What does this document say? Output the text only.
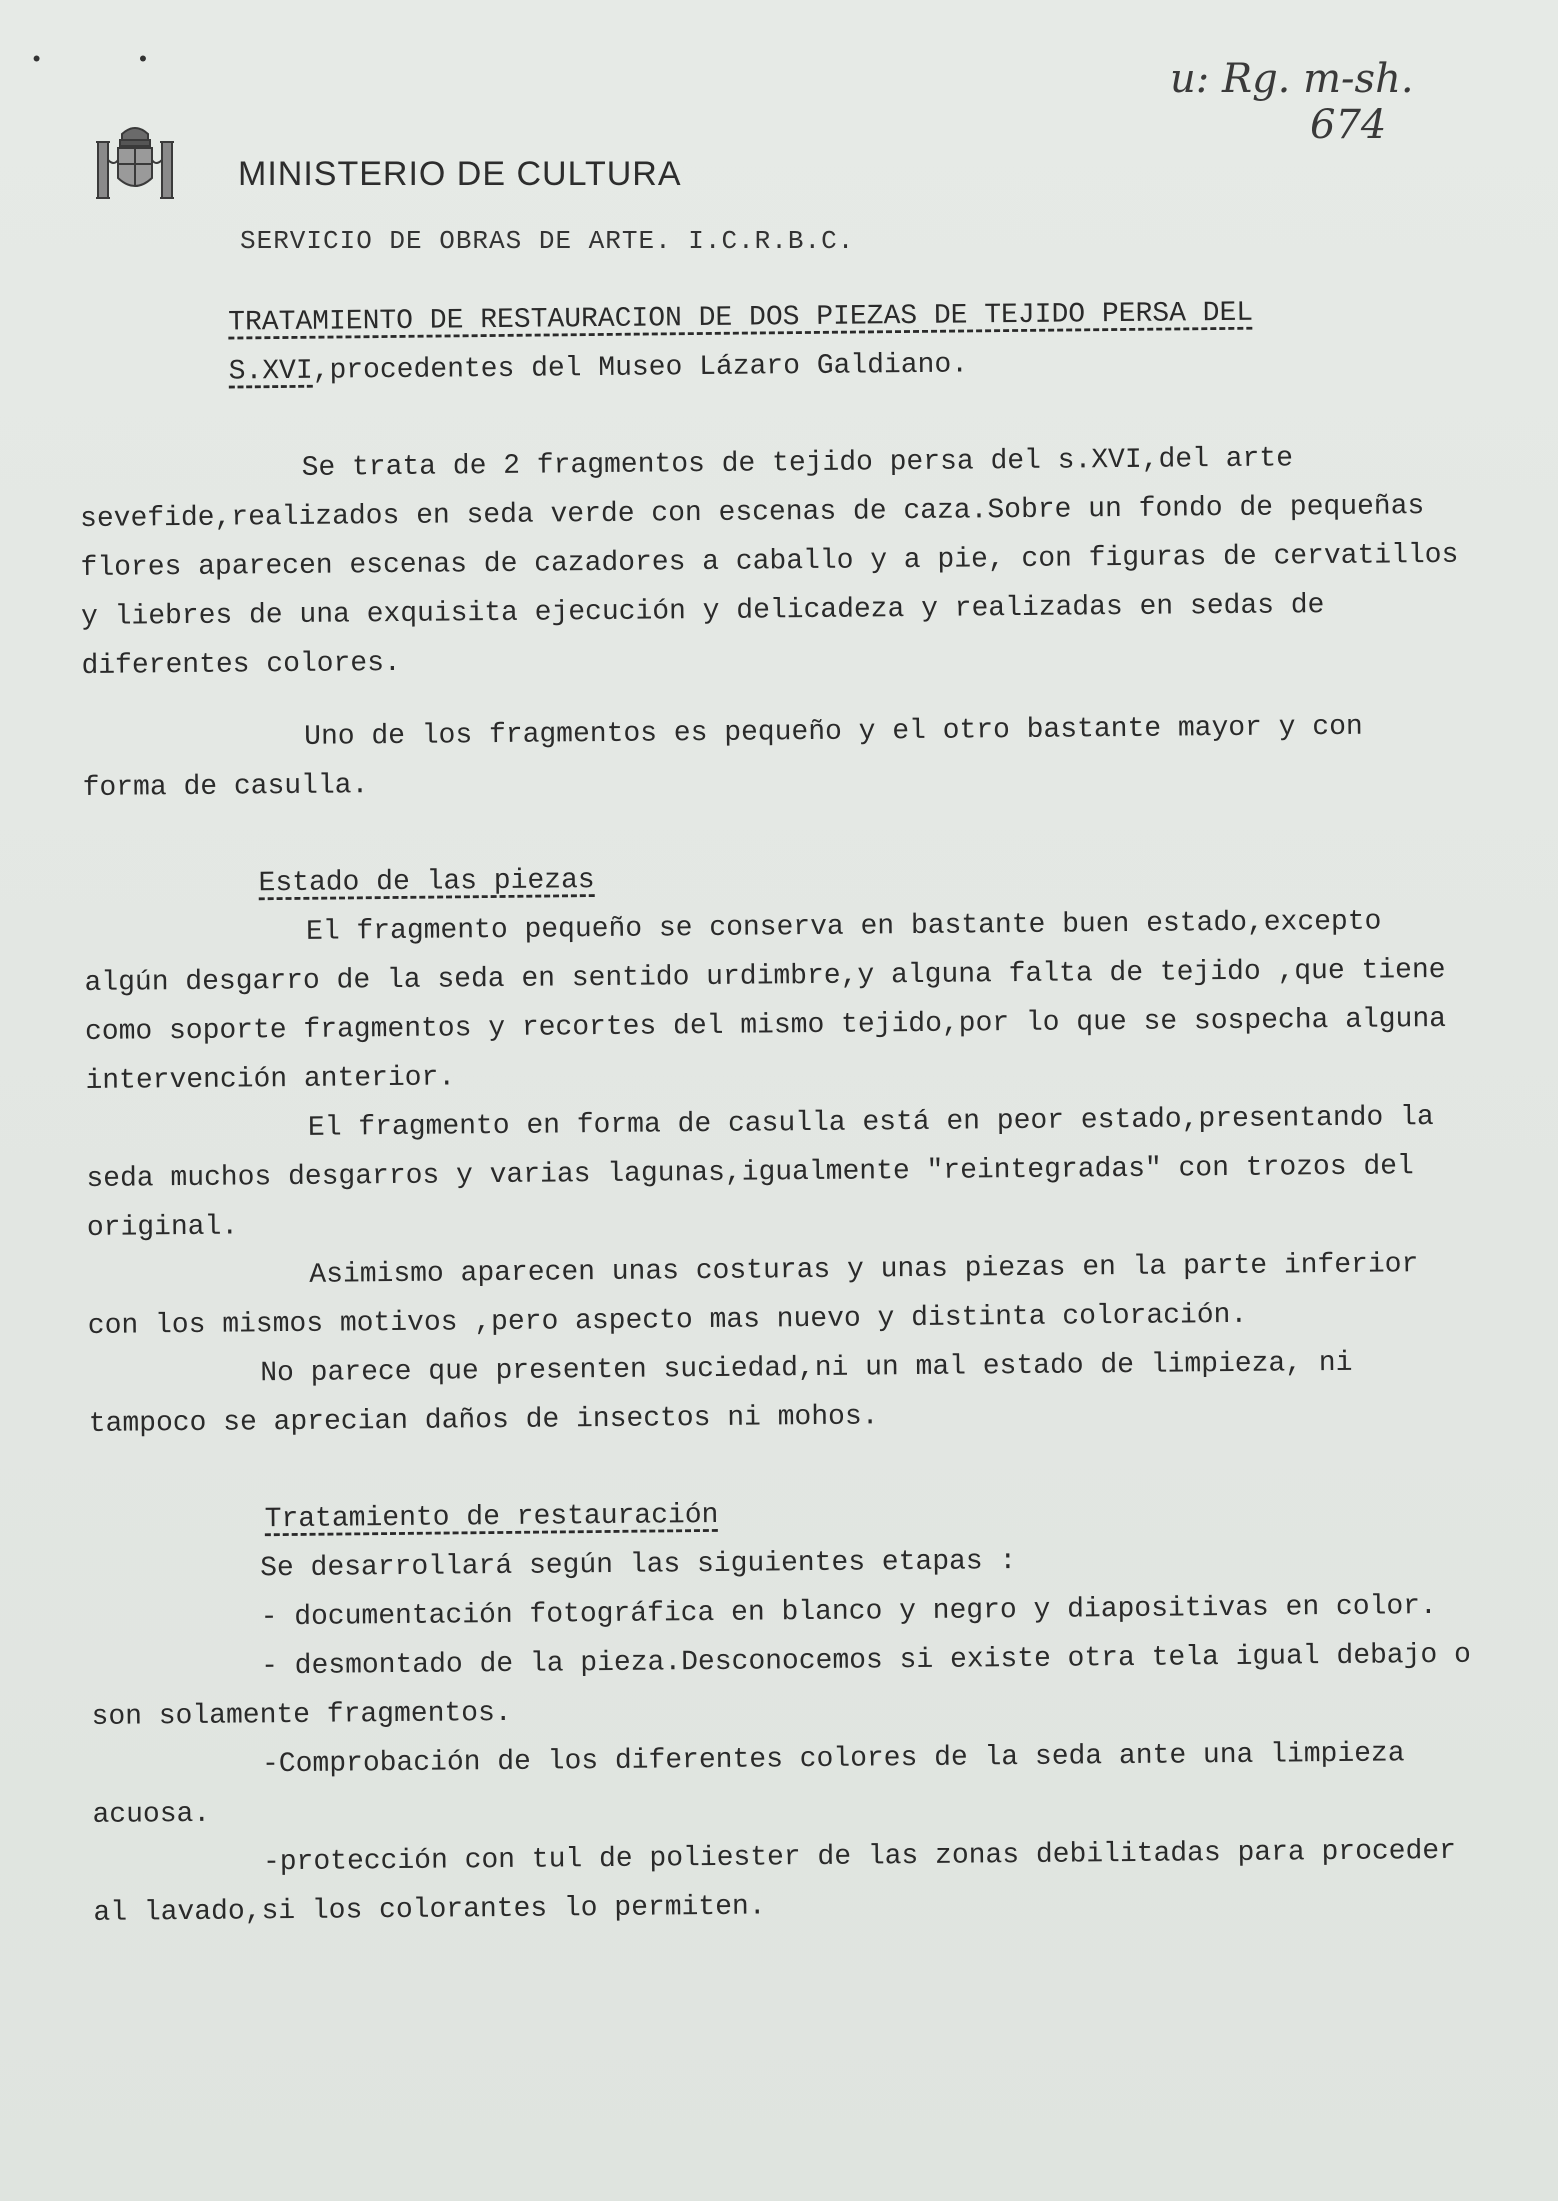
• •	u: Rg. m-sh.
674
MINISTERIO DE CULTURA
SERVICIO DE OBRAS DE ARTE. I.C.R.B.C.

TRATAMIENTO DE RESTAURACION DE DOS PIEZAS DE TEJIDO PERSA DEL S.XVI,procedentes del Museo Lázaro Galdiano.

Se trata de 2 fragmentos de tejido persa del s.XVI,del arte sevefide,realizados en seda verde con escenas de caza.Sobre un fondo de pequeñas flores aparecen escenas de cazadores a caballo y a pie, con figuras de cervatillos y liebres de una exquisita ejecución y delicadeza y realizadas en sedas de diferentes colores.

Uno de los fragmentos es pequeño y el otro bastante mayor y con forma de casulla.

Estado de las piezas

El fragmento pequeño se conserva en bastante buen estado,excepto algún desgarro de la seda en sentido urdimbre,y alguna falta de tejido ,que tiene como soporte fragmentos y recortes del mismo tejido,por lo que se sospecha alguna intervención anterior.

El fragmento en forma de casulla está en peor estado,presentando la seda muchos desgarros y varias lagunas,igualmente "reintegradas" con trozos del original.

Asimismo aparecen unas costuras y unas piezas en la parte inferior con los mismos motivos ,pero aspecto mas nuevo y distinta coloración.

No parece que presenten suciedad,ni un mal estado de limpieza, ni tampoco se aprecian daños de insectos ni mohos.

Tratamiento de restauración

Se desarrollará según las siguientes etapas :

- documentación fotográfica en blanco y negro y diapositivas en color.

- desmontado de la pieza.Desconocemos si existe otra tela igual debajo o son solamente fragmentos.

-Comprobación de los diferentes colores de la seda ante una limpieza acuosa.

-protección con tul de poliester de las zonas debilitadas para proceder al lavado,si los colorantes lo permiten.
